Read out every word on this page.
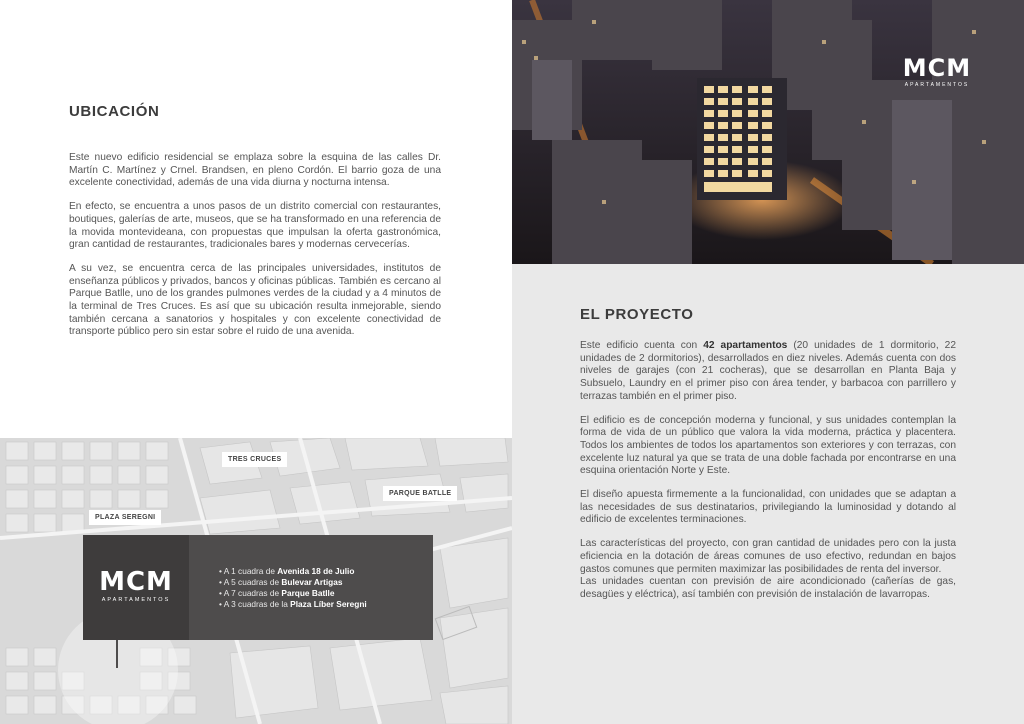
UBICACIÓN

Este nuevo edificio residencial se emplaza sobre la esquina de las calles Dr. Martín C. Martínez y Crnel. Brandsen, en pleno Cordón. El barrio goza de una excelente conectividad, además de una vida diurna y nocturna intensa.

En efecto, se encuentra a unos pasos de un distrito comercial con restaurantes, boutiques, galerías de arte, museos, que se ha transformado en una referencia de la movida montevideana, con propuestas que impulsan la oferta gastronómica, gran cantidad de restaurantes, tradicionales bares y modernas cervecerías.

A su vez, se encuentra cerca de las principales universidades, institutos de enseñanza públicos y privados, bancos y oficinas públicas. También es cercano al Parque Batlle, uno de los grandes pulmones verdes de la ciudad y a 4 minutos de la terminal de Tres Cruces. Es así que su ubicación resulta inmejorable, siendo también cercana a sanatorios y hospitales y con excelente conectividad de transporte público pero sin estar sobre el ruido de una avenida.

TRES CRUCES
PARQUE BATLLE
PLAZA SEREGNI
MCM
APARTAMENTOS
• A 1 cuadra de Avenida 18 de Julio
• A 5 cuadras de Bulevar Artigas
• A 7 cuadras de Parque Batlle
• A 3 cuadras de la Plaza Líber Seregni
MCM
APARTAMENTOS
EL PROYECTO

Este edificio cuenta con 42 apartamentos (20 unidades de 1 dormitorio, 22 unidades de 2 dormitorios), desarrollados en diez niveles. Además cuenta con dos niveles de garajes (con 21 cocheras), que se desarrollan en Planta Baja y Subsuelo, Laundry en el primer piso con área tender, y barbacoa con parrillero y terrazas también en el primer piso.

El edificio es de concepción moderna y funcional, y sus unidades contemplan la forma de vida de un público que valora la vida moderna, práctica y placentera. Todos los ambientes de todos los apartamentos son exteriores y con terrazas, con excelente luz natural ya que se trata de una doble fachada por encontrarse en una esquina orientación Norte y Este.

El diseño apuesta firmemente a la funcionalidad, con unidades que se adaptan a las necesidades de sus destinatarios, privilegiando la luminosidad y dotando al edificio de excelentes terminaciones.

Las características del proyecto, con gran cantidad de unidades pero con la justa eficiencia en la dotación de áreas comunes de uso efectivo, redundan en bajos gastos comunes que permiten maximizar las posibilidades de renta del inversor.

Las unidades cuentan con previsión de aire acondicionado (cañerías de gas, desagües y eléctrica), así también con previsión de instalación de lavarropas.
